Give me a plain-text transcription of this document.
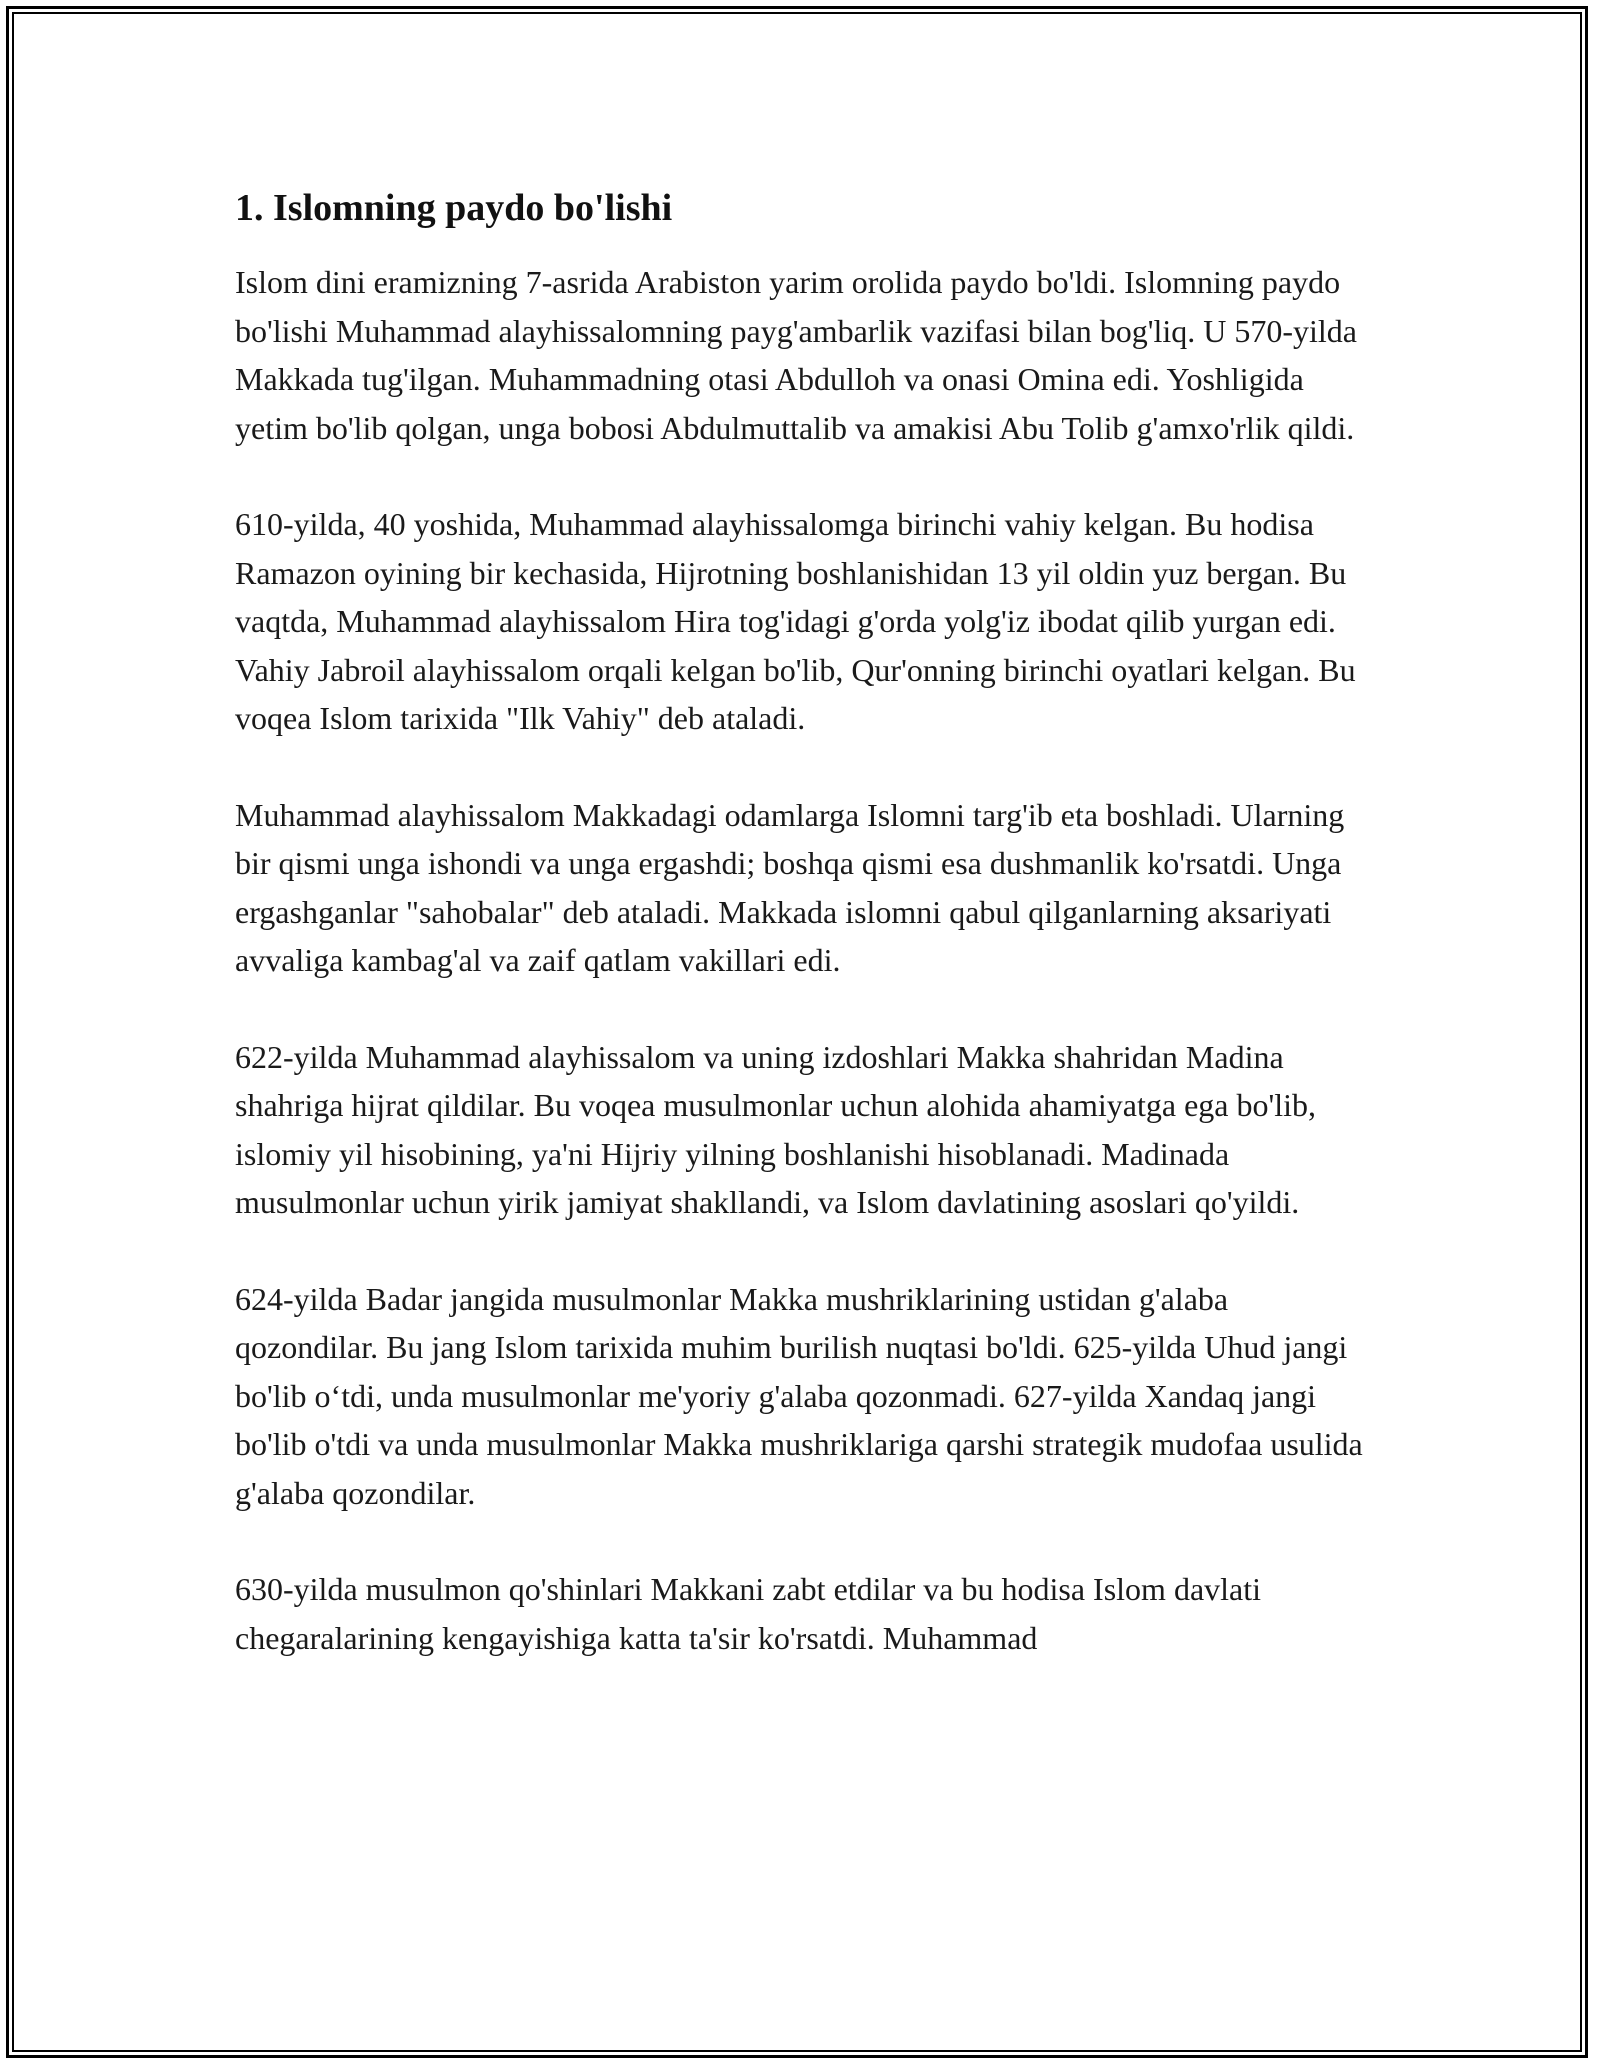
1. Islomning paydo bo'lishi

Islom dini eramizning 7-asrida Arabiston yarim orolida paydo bo'ldi. Islomning paydo bo'lishi Muhammad alayhissalomning payg'ambarlik vazifasi bilan bog'liq. U 570-yilda Makkada tug'ilgan. Muhammadning otasi Abdulloh va onasi Omina edi. Yoshligida yetim bo'lib qolgan, unga bobosi Abdulmuttalib va amakisi Abu Tolib g'amxo'rlik qildi.

610-yilda, 40 yoshida, Muhammad alayhissalomga birinchi vahiy kelgan. Bu hodisa Ramazon oyining bir kechasida, Hijrotning boshlanishidan 13 yil oldin yuz bergan. Bu vaqtda, Muhammad alayhissalom Hira tog'idagi g'orda yolg'iz ibodat qilib yurgan edi. Vahiy Jabroil alayhissalom orqali kelgan bo'lib, Qur'onning birinchi oyatlari kelgan. Bu voqea Islom tarixida "Ilk Vahiy" deb ataladi.

Muhammad alayhissalom Makkadagi odamlarga Islomni targ'ib eta boshladi. Ularning bir qismi unga ishondi va unga ergashdi; boshqa qismi esa dushmanlik ko'rsatdi. Unga ergashganlar "sahobalar" deb ataladi. Makkada islomni qabul qilganlarning aksariyati avvaliga kambag'al va zaif qatlam vakillari edi.

622-yilda Muhammad alayhissalom va uning izdoshlari Makka shahridan Madina shahriga hijrat qildilar. Bu voqea musulmonlar uchun alohida ahamiyatga ega bo'lib, islomiy yil hisobining, ya'ni Hijriy yilning boshlanishi hisoblanadi. Madinada musulmonlar uchun yirik jamiyat shakllandi, va Islom davlatining asoslari qo'yildi.

624-yilda Badar jangida musulmonlar Makka mushriklarining ustidan g'alaba qozondilar. Bu jang Islom tarixida muhim burilish nuqtasi bo'ldi. 625-yilda Uhud jangi bo'lib o‘tdi, unda musulmonlar me'yoriy g'alaba qozonmadi. 627-yilda Xandaq jangi bo'lib o'tdi va unda musulmonlar Makka mushriklariga qarshi strategik mudofaa usulida g'alaba qozondilar.

630-yilda musulmon qo'shinlari Makkani zabt etdilar va bu hodisa Islom davlati chegaralarining kengayishiga katta ta'sir ko'rsatdi. Muhammad
